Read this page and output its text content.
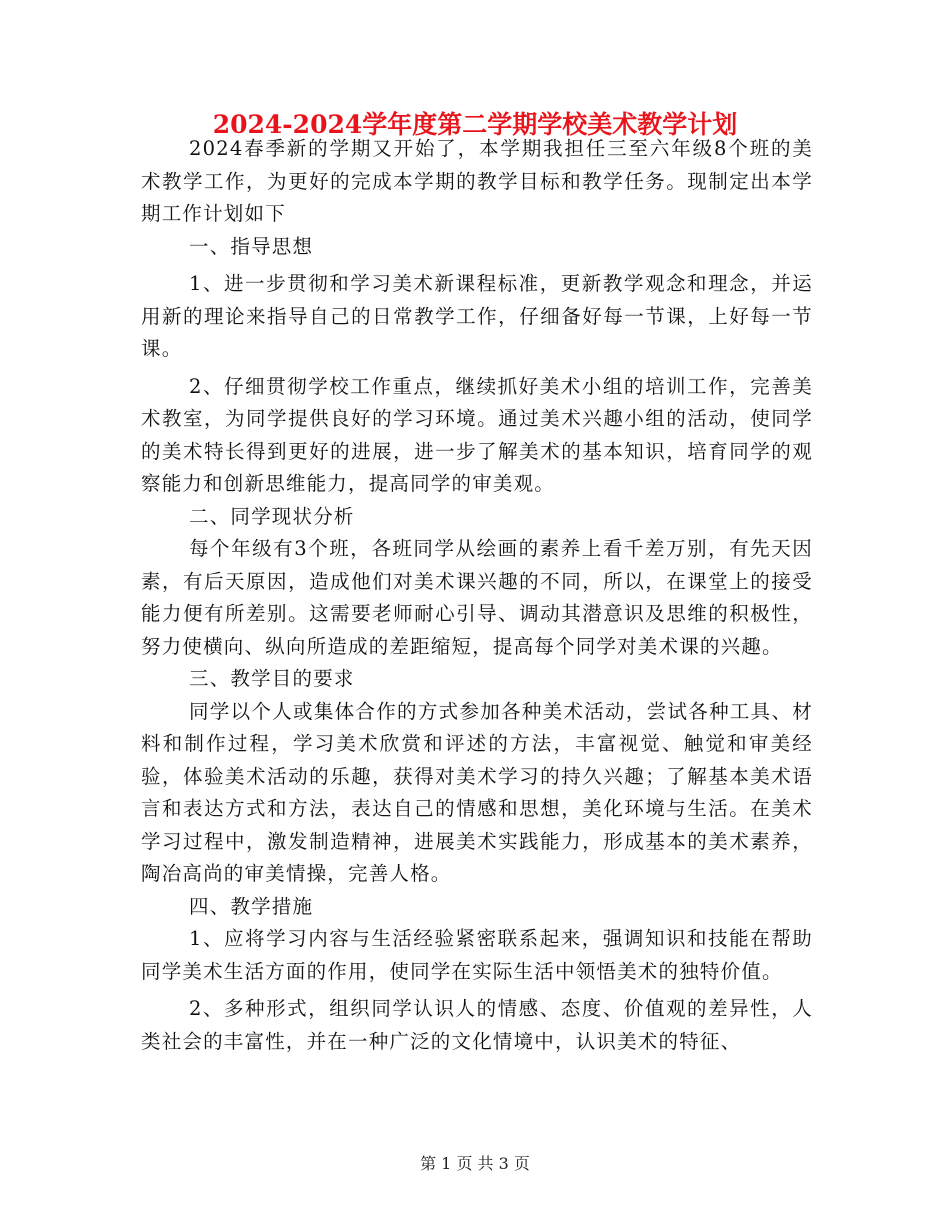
2024-2024学年度第二学期学校美术教学计划

2024春季新的学期又开始了，本学期我担任三至六年级8个班的美术教学工作，为更好的完成本学期的教学目标和教学任务。现制定出本学期工作计划如下

一、指导思想

1、进一步贯彻和学习美术新课程标准，更新教学观念和理念，并运用新的理论来指导自己的日常教学工作，仔细备好每一节课，上好每一节课。

2、仔细贯彻学校工作重点，继续抓好美术小组的培训工作，完善美术教室，为同学提供良好的学习环境。通过美术兴趣小组的活动，使同学的美术特长得到更好的进展，进一步了解美术的基本知识，培育同学的观察能力和创新思维能力，提高同学的审美观。

二、同学现状分析

每个年级有3个班，各班同学从绘画的素养上看千差万别，有先天因素，有后天原因，造成他们对美术课兴趣的不同，所以，在课堂上的接受能力便有所差别。这需要老师耐心引导、调动其潜意识及思维的积极性，努力使横向、纵向所造成的差距缩短，提高每个同学对美术课的兴趣。

三、教学目的要求

同学以个人或集体合作的方式参加各种美术活动，尝试各种工具、材料和制作过程，学习美术欣赏和评述的方法，丰富视觉、触觉和审美经验，体验美术活动的乐趣，获得对美术学习的持久兴趣；了解基本美术语言和表达方式和方法，表达自己的情感和思想，美化环境与生活。在美术学习过程中，激发制造精神，进展美术实践能力，形成基本的美术素养，陶冶高尚的审美情操，完善人格。

四、教学措施

1、应将学习内容与生活经验紧密联系起来，强调知识和技能在帮助同学美术生活方面的作用，使同学在实际生活中领悟美术的独特价值。

2、多种形式，组织同学认识人的情感、态度、价值观的差异性，人类社会的丰富性，并在一种广泛的文化情境中，认识美术的特征、

第 1 页 共 3 页
